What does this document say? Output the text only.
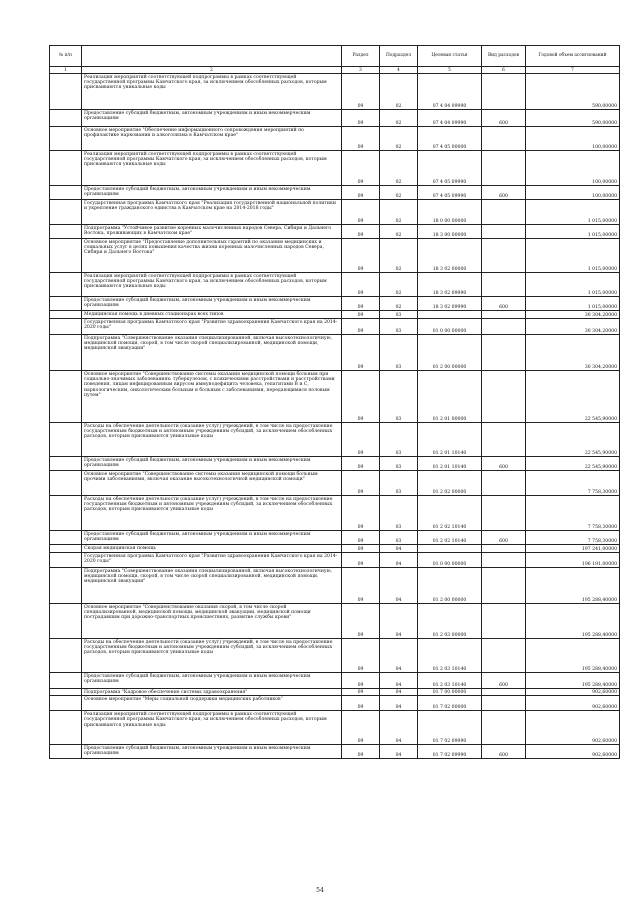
№ п/п		Раздел	Подраздел	Целевая статья	Вид расходов	Годовой объем ассигнований
1	2	3	4	5	6	7
	Реализация мероприятий соответствующей подпрограммы в рамках соответствующей государственной программы Камчатского края, за исключением обособленных расходов, которым присваиваются уникальные коды	09	02	07 4 04 09990		590,00000
	Предоставление субсидий бюджетным, автономным учреждениям и иным некоммерческим организациям	09	02	07 4 04 09990	600	590,00000
	Основное мероприятие "Обеспечение информационного сопровождения мероприятий по профилактике наркомании и алкоголизма в Камчатском крае"	09	02	07 4 05 00000		100,00000
	Реализация мероприятий соответствующей подпрограммы в рамках соответствующей государственной программы Камчатского края, за исключением обособленных расходов, которым присваиваются уникальные коды	09	02	07 4 05 09990		100,00000
	Предоставление субсидий бюджетным, автономным учреждениям и иным некоммерческим организациям	09	02	07 4 05 09990	600	100,00000
	Государственная программа Камчатского края "Реализация государственной национальной политики и укрепление гражданского единства в Камчатском крае на 2014-2018 годы"	09	02	18 0 00 00000		1 015,00000
	Подпрограмма "Устойчивое развитие коренных малочисленных народов Севера, Сибири и Дальнего Востока, проживающих в Камчатском крае"	09	02	18 3 00 00000		1 015,00000
	Основное мероприятие "Предоставление дополнительных гарантий по оказанию медицинских и социальных услуг в целях повышения качества жизни коренных малочисленных народов Севера, Сибири и Дальнего Востока"	09	02	18 3 02 00000		1 015,00000
	Реализация мероприятий соответствующей подпрограммы в рамках соответствующей государственной программы Камчатского края, за исключением обособленных расходов, которым присваиваются уникальные коды	09	02	18 3 02 09990		1 015,00000
	Предоставление субсидий бюджетным, автономным учреждениям и иным некоммерческим организациям	09	02	18 3 02 09990	600	1 015,00000
	Медицинская помощь в дневных стационарах всех типов	09	03			30 304,20000
	Государственная программа Камчатского края "Развитие здравоохранения Камчатского края на 2014-2020 годы"	09	03	01 0 00 00000		30 304,20000
	Подпрограмма "Совершенствование оказания специализированной, включая высокотехнологичную, медицинской помощи, скорой, в том числе скорой специализированной, медицинской помощи, медицинской эвакуации"	09	03	01 2 00 00000		30 304,20000
	Основное мероприятие "Совершенствование системы оказания медицинской помощи больным при социально-значимых заболеваниях: туберкулезом, с психическими расстройствами и расстройствами поведения, лицам инфицированным вирусом иммунодефицита человека, гепатитами В и С, наркологическим, онкологическим больным и больным с заболеваниями, передающимися половым путем"	09	03	01 2 01 00000		22 545,90000
	Расходы на обеспечение деятельности (оказание услуг) учреждений, в том числе на предоставление государственным бюджетным и автономным учреждениям субсидий, за исключением обособленных расходов, которым присваиваются уникальные коды	09	03	01 2 01 10140		22 545,90000
	Предоставление субсидий бюджетным, автономным учреждениям и иным некоммерческим организациям	09	03	01 2 01 10140	600	22 545,90000
	Основное мероприятие "Совершенствование системы оказания медицинской помощи больным прочими заболеваниями, включая оказание высокотехнологичной медицинской помощи"	09	03	01 2 02 00000		7 758,30000
	Расходы на обеспечение деятельности (оказание услуг) учреждений, в том числе на предоставление государственным бюджетным и автономным учреждениям субсидий, за исключением обособленных расходов, которым присваиваются уникальные коды	09	03	01 2 02 10140		7 758,30000
	Предоставление субсидий бюджетным, автономным учреждениям и иным некоммерческим организациям	09	03	01 2 02 10140	600	7 758,30000
	Скорая медицинская помощь	09	04			197 241,00000
	Государственная программа Камчатского края "Развитие здравоохранения Камчатского края на 2014-2020 годы"	09	04	01 0 00 00000		196 191,00000
	Подпрограмма "Совершенствование оказания специализированной, включая высокотехнологичную, медицинской помощи, скорой, в том числе скорой специализированной, медицинской помощи, медицинской эвакуации"	09	04	01 2 00 00000		195 288,40000
	Основное мероприятие "Совершенствование оказания скорой, в том числе скорой специализированной, медицинской помощи, медицинской эвакуации, медицинской помощи пострадавшим при дорожно-транспортных происшествиях, развитие службы крови"	09	04	01 2 03 00000		195 288,40000
	Расходы на обеспечение деятельности (оказание услуг) учреждений, в том числе на предоставление государственным бюджетным и автономным учреждениям субсидий, за исключением обособленных расходов, которым присваиваются уникальные коды	09	04	01 2 03 10140		195 288,40000
	Предоставление субсидий бюджетным, автономным учреждениям и иным некоммерческим организациям	09	04	01 2 03 10140	600	195 288,40000
	Подпрограмма "Кадровое обеспечение системы здравоохранения"	09	04	01 7 00 00000		902,60000
	Основное мероприятие "Меры социальной поддержки медицинских работников"	09	04	01 7 02 00000		902,60000
	Реализация мероприятий соответствующей подпрограммы в рамках соответствующей государственной программы Камчатского края, за исключением обособленных расходов, которым присваиваются уникальные коды	09	04	01 7 02 09990		902,60000
	Предоставление субсидий бюджетным, автономным учреждениям и иным некоммерческим организациям	09	04	01 7 02 09990	600	902,60000
54
